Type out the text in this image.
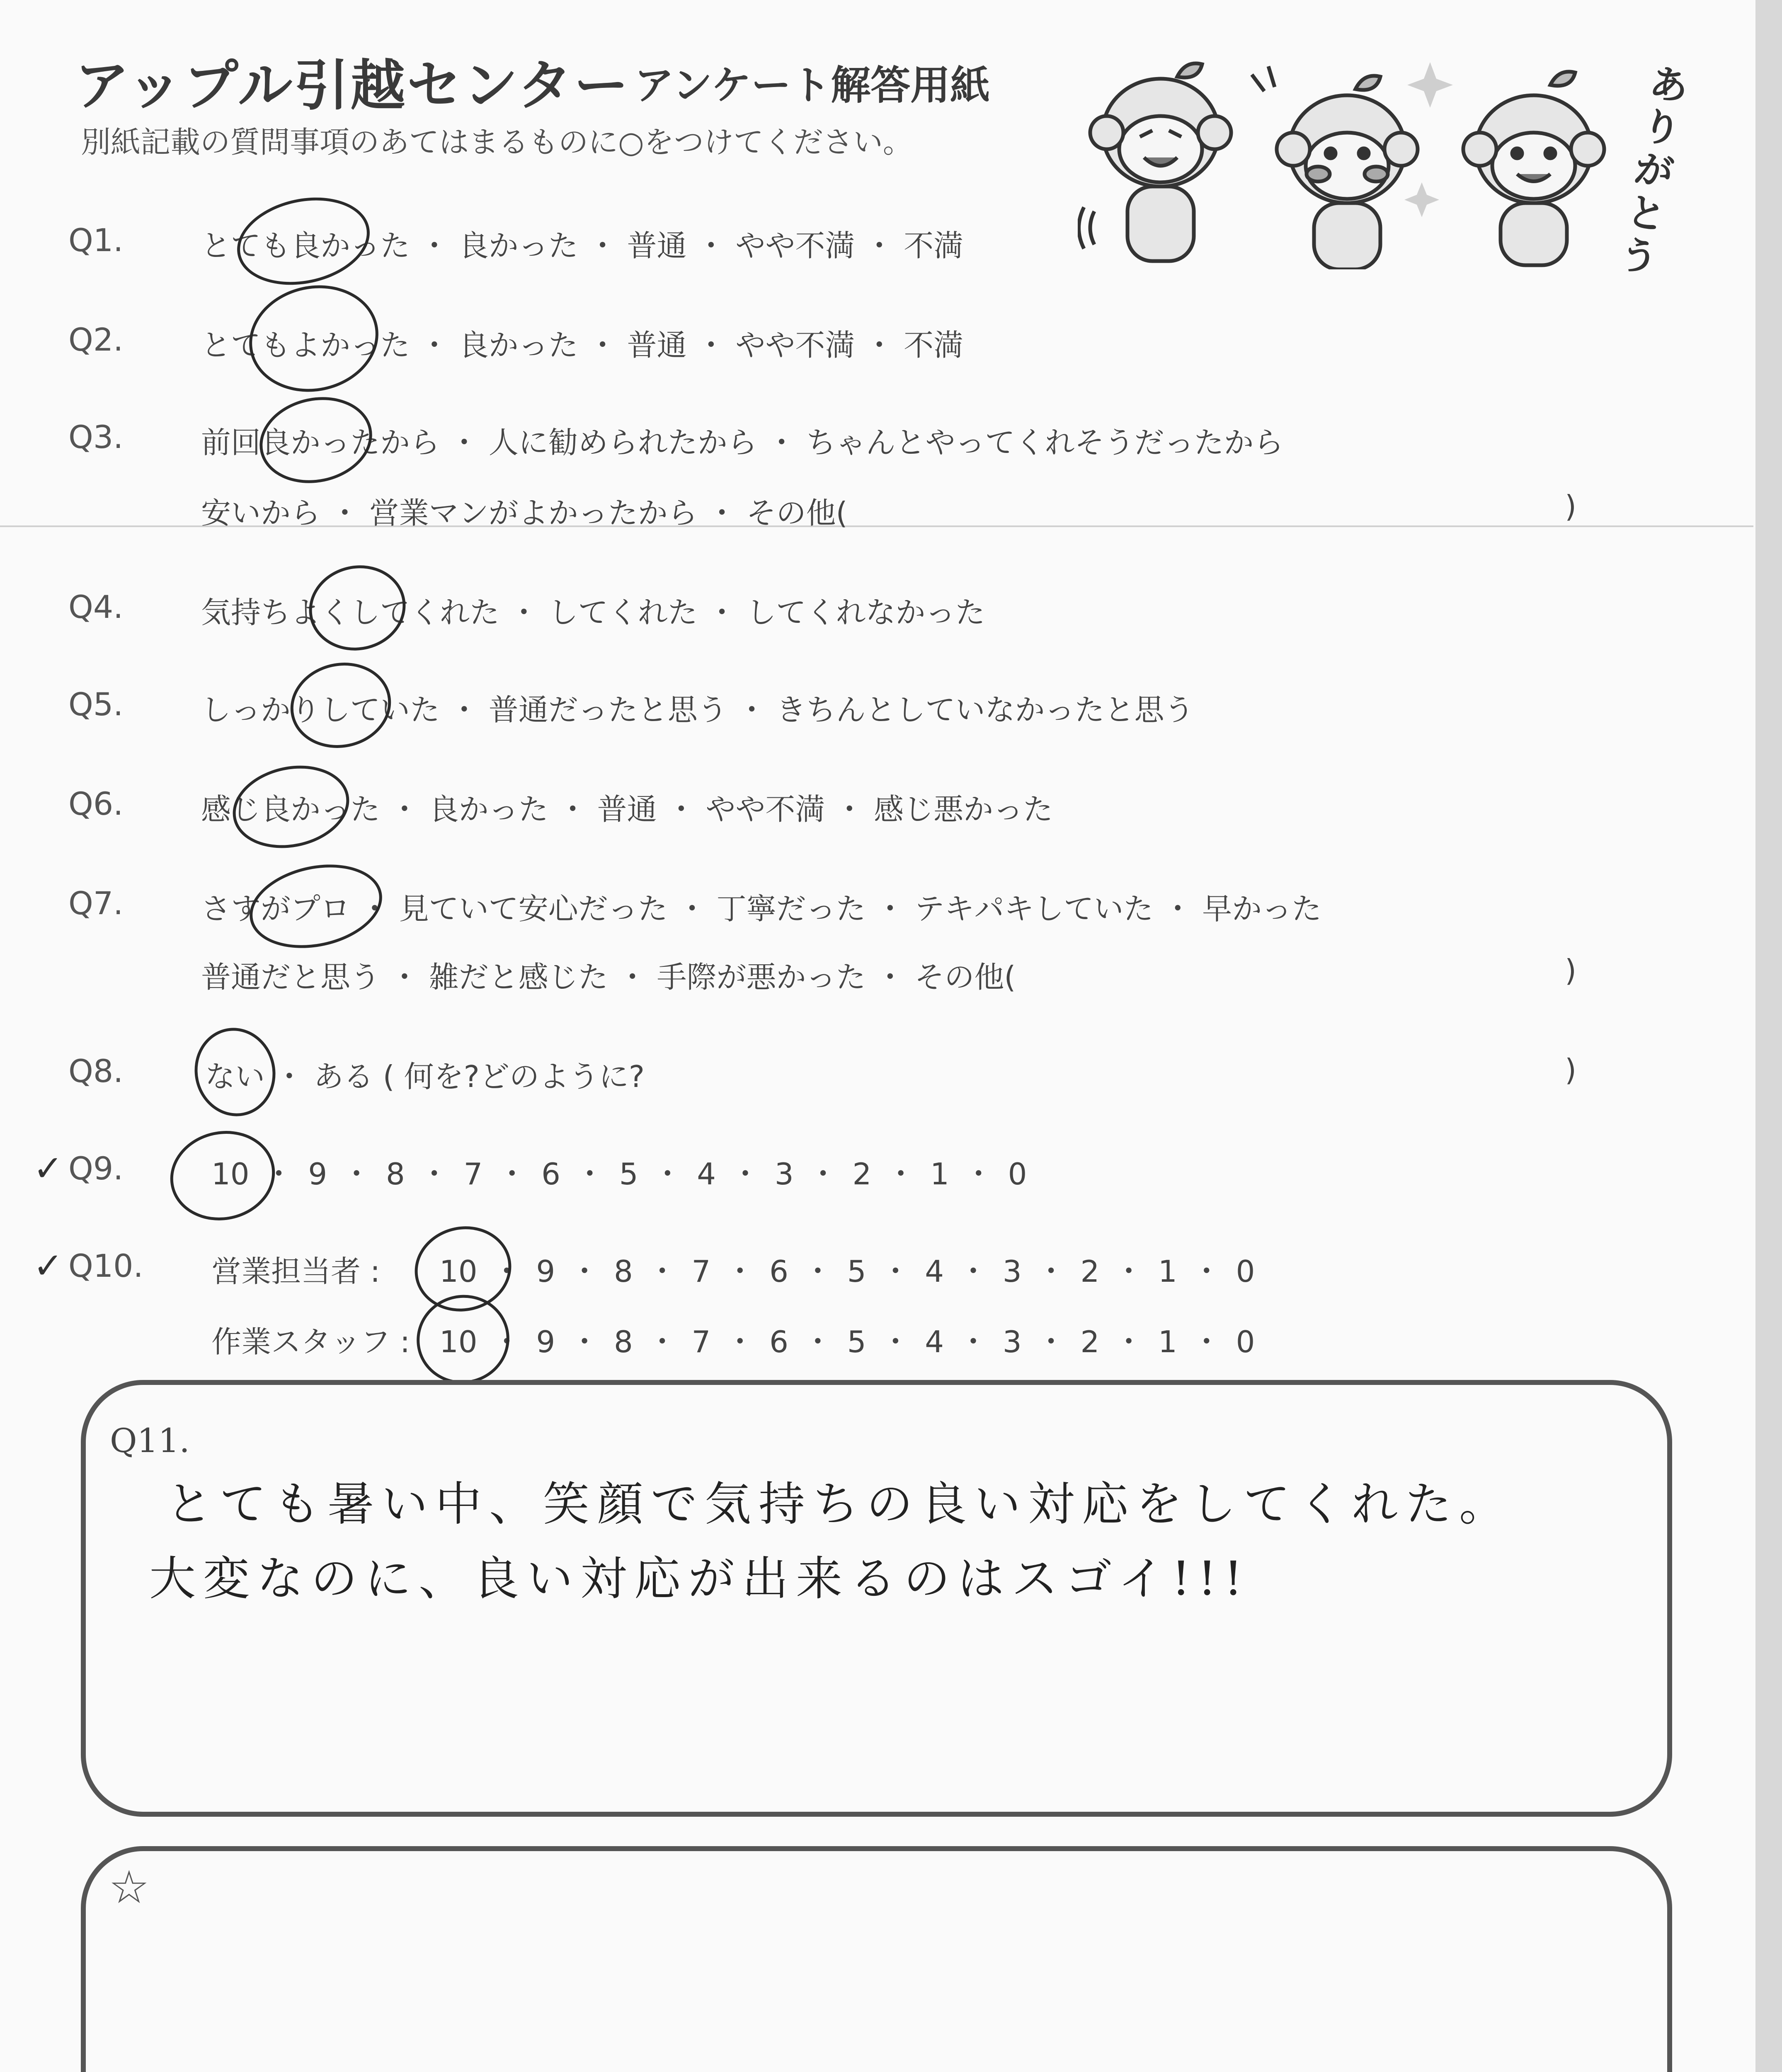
アップル引越センター アンケート解答用紙
別紙記載の質問事項のあてはまるものに○をつけてください。
ありがとう
Q1.	とても良かった ・ 良かった ・ 普通 ・ やや不満 ・ 不満
Q2.	とてもよかった ・ 良かった ・ 普通 ・ やや不満 ・ 不満
Q3.	前回良かったから ・ 人に勧められたから ・ ちゃんとやってくれそうだったから
安いから ・ 営業マンがよかったから ・ その他(	)
Q4.	気持ちよくしてくれた ・ してくれた ・ してくれなかった
Q5.	しっかりしていた ・ 普通だったと思う ・ きちんとしていなかったと思う
Q6.	感じ良かった ・ 良かった ・ 普通 ・ やや不満 ・ 感じ悪かった
Q7.	さすがプロ ・ 見ていて安心だった ・ 丁寧だった ・ テキパキしていた ・ 早かった
普通だと思う ・ 雑だと感じた ・ 手際が悪かった ・ その他(	)
Q8.	ない ・ ある ( 何を?どのように?	)
✓ Q9.	10 ・ 9 ・ 8 ・ 7 ・ 6 ・ 5 ・ 4 ・ 3 ・ 2 ・ 1 ・ 0
✓ Q10. 営業担当者 : 10 ・ 9 ・ 8 ・ 7 ・ 6 ・ 5 ・ 4 ・ 3 ・ 2 ・ 1 ・ 0
作業スタッフ : 10 ・ 9 ・ 8 ・ 7 ・ 6 ・ 5 ・ 4 ・ 3 ・ 2 ・ 1 ・ 0
Q11.
とても暑い中、笑顔で気持ちの良い対応をしてくれた。
大変なのに、良い対応が出来るのはスゴイ!!!
☆
